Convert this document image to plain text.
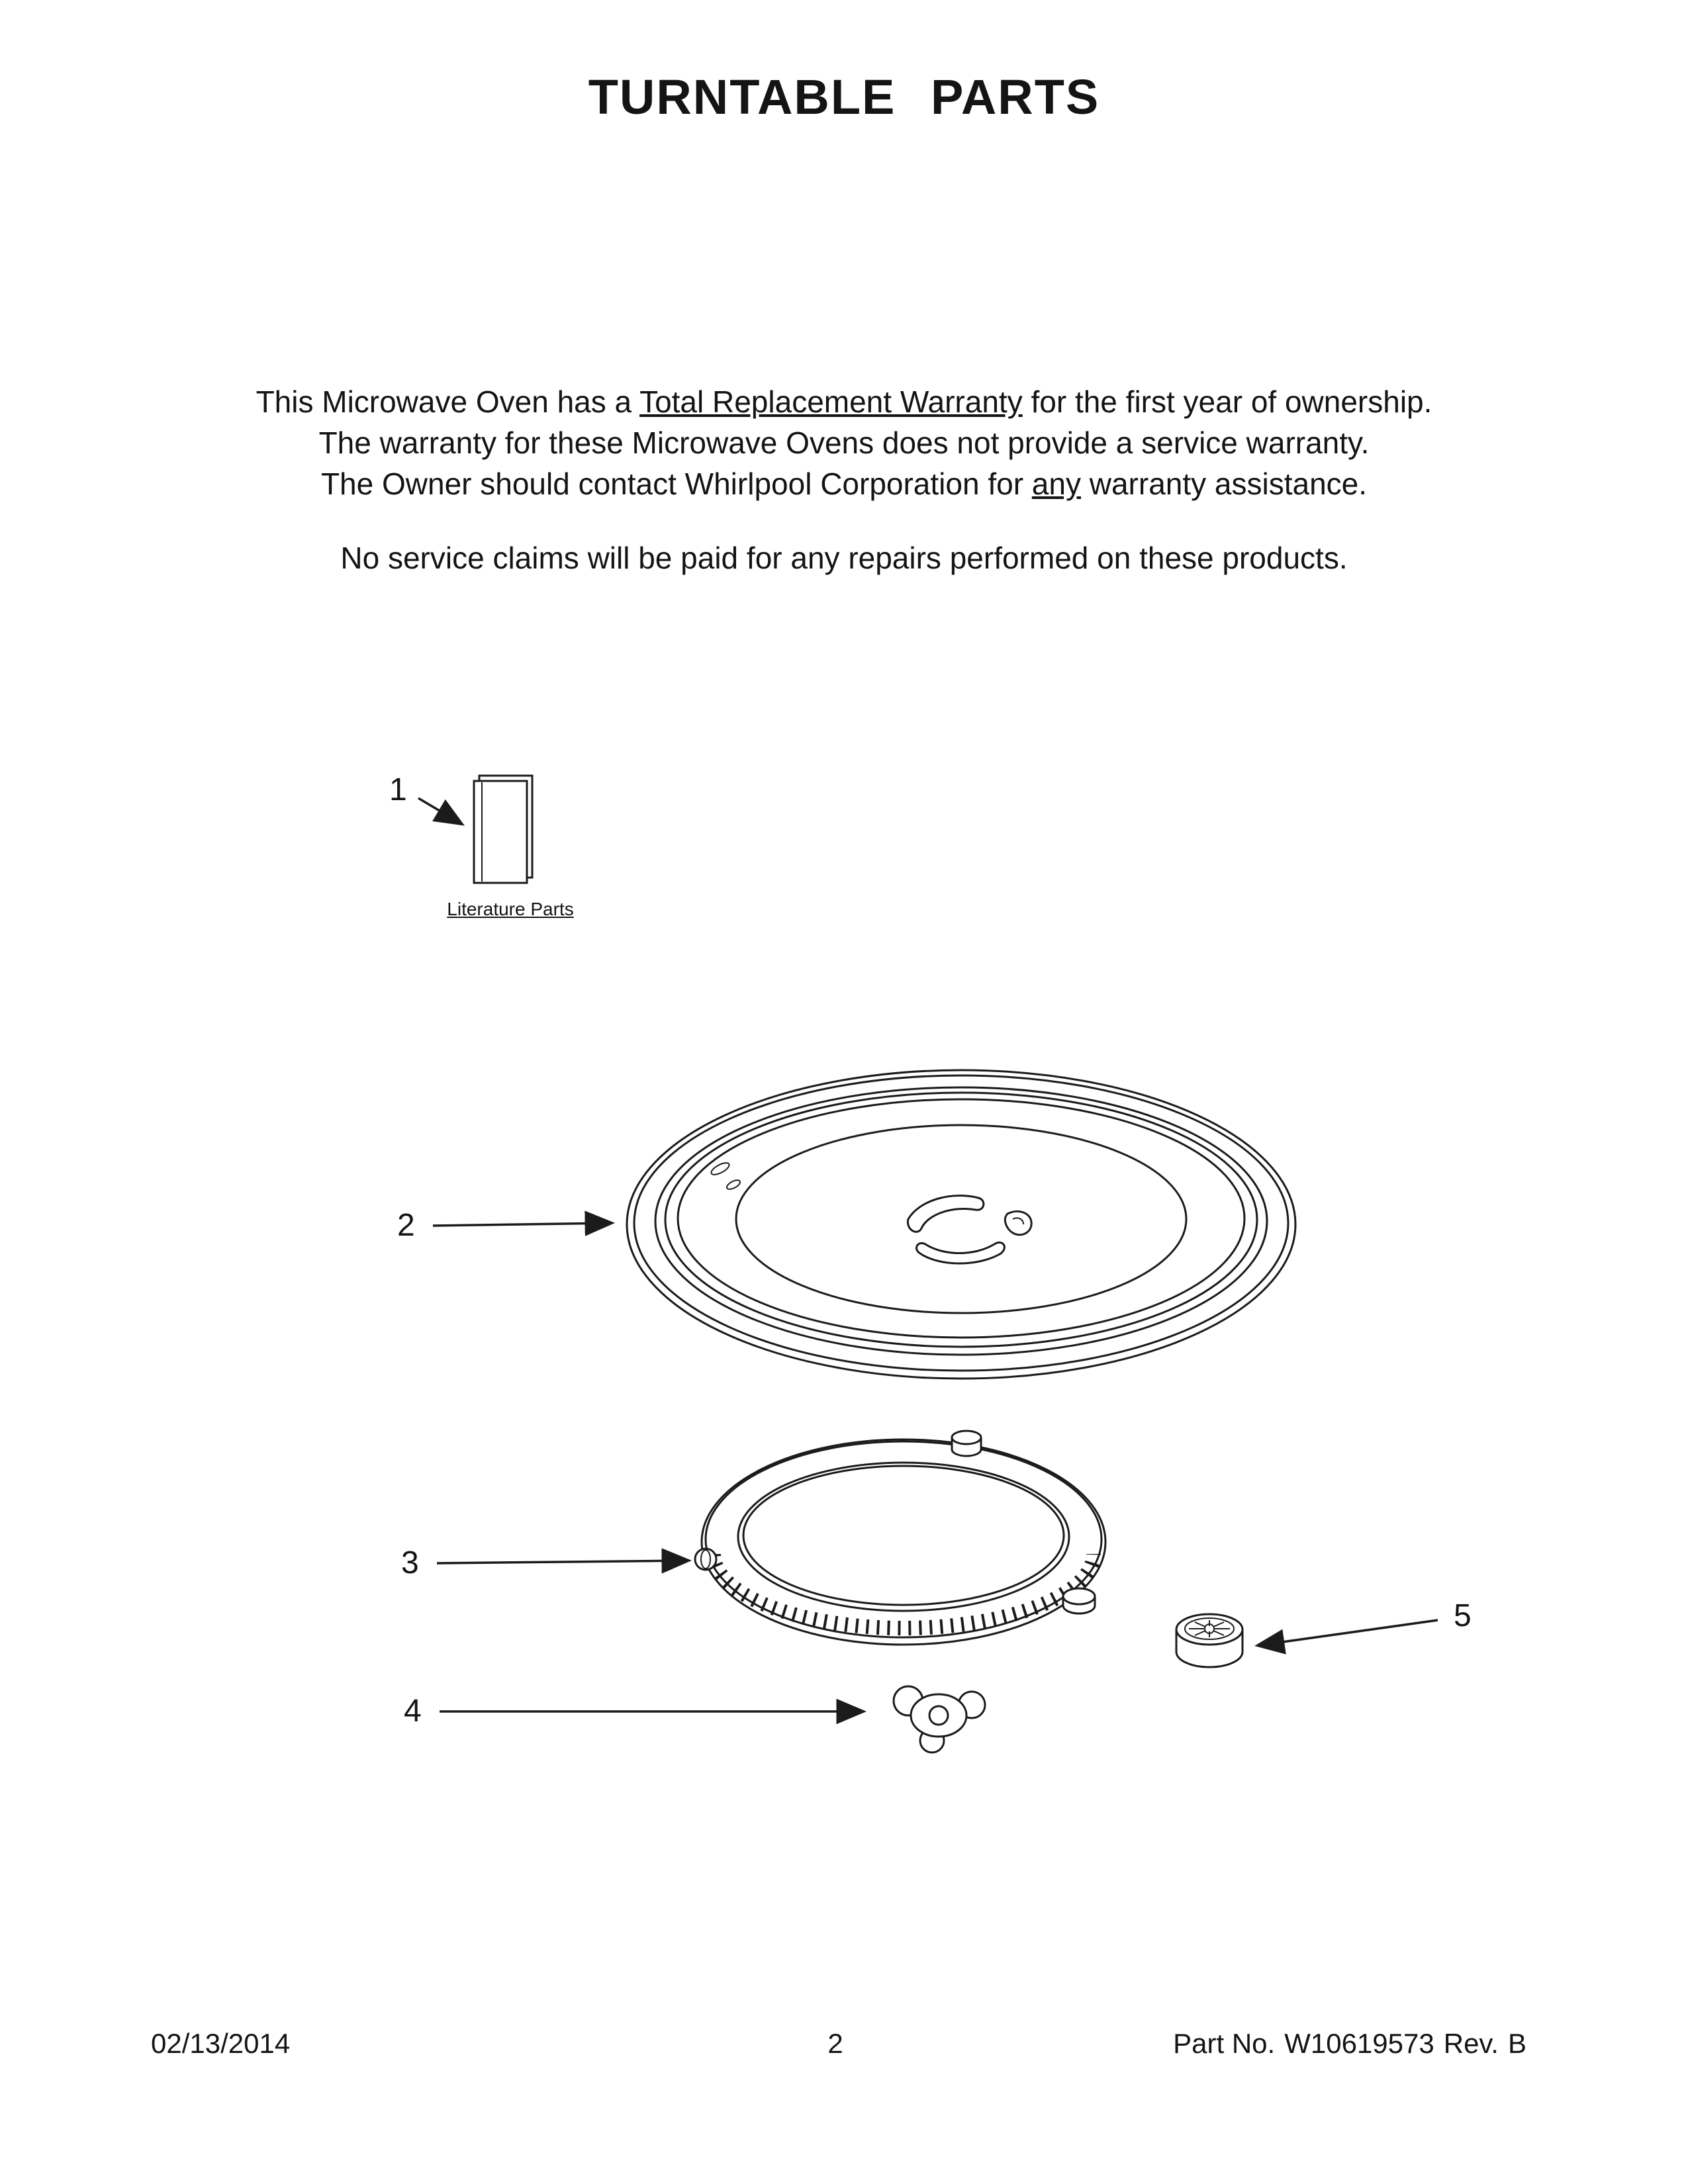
TURNTABLE PARTS
This Microwave Oven has a Total Replacement Warranty for the first year of ownership.
The warranty for these Microwave Ovens does not provide a service warranty.
The Owner should contact Whirlpool Corporation for any warranty assistance.
No service claims will be paid for any repairs performed on these products.
1
2
3
4
5
Literature Parts
02/13/2014	2	Part No. W10619573 Rev. B
